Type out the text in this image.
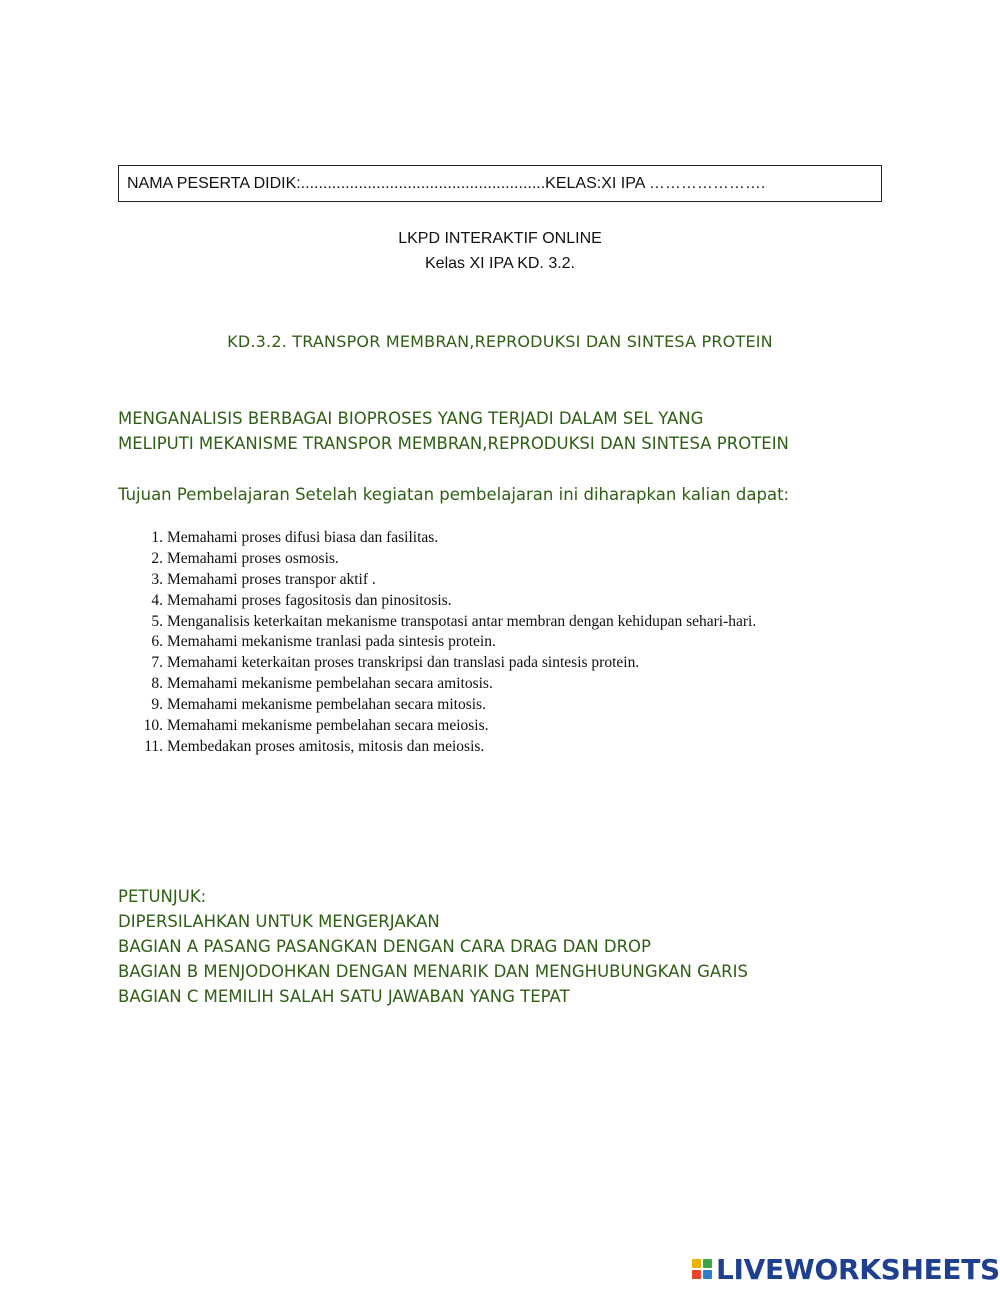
NAMA PESERTA DIDIK:.......................................................KELAS:XI IPA ………………….
LKPD INTERAKTIF ONLINE
Kelas XI IPA KD. 3.2.
KD.3.2. TRANSPOR MEMBRAN,REPRODUKSI DAN SINTESA PROTEIN
MENGANALISIS BERBAGAI BIOPROSES YANG TERJADI DALAM SEL YANG
MELIPUTI MEKANISME TRANSPOR MEMBRAN,REPRODUKSI DAN SINTESA PROTEIN
Tujuan Pembelajaran Setelah kegiatan pembelajaran ini diharapkan kalian dapat:
1. Memahami proses difusi biasa dan fasilitas.
2. Memahami proses osmosis.
3. Memahami proses transpor aktif .
4. Memahami proses fagositosis dan pinositosis.
5. Menganalisis keterkaitan mekanisme transpotasi antar membran dengan kehidupan sehari-hari.
6. Memahami mekanisme tranlasi pada sintesis protein.
7. Memahami keterkaitan proses transkripsi dan translasi pada sintesis protein.
8. Memahami mekanisme pembelahan secara amitosis.
9. Memahami mekanisme pembelahan secara mitosis.
10. Memahami mekanisme pembelahan secara meiosis.
11. Membedakan proses amitosis, mitosis dan meiosis.
PETUNJUK:
DIPERSILAHKAN UNTUK MENGERJAKAN
BAGIAN A PASANG PASANGKAN DENGAN CARA DRAG DAN DROP
BAGIAN B MENJODOHKAN DENGAN MENARIK DAN MENGHUBUNGKAN GARIS
BAGIAN C MEMILIH SALAH SATU JAWABAN YANG TEPAT
LIVEWORKSHEETS
